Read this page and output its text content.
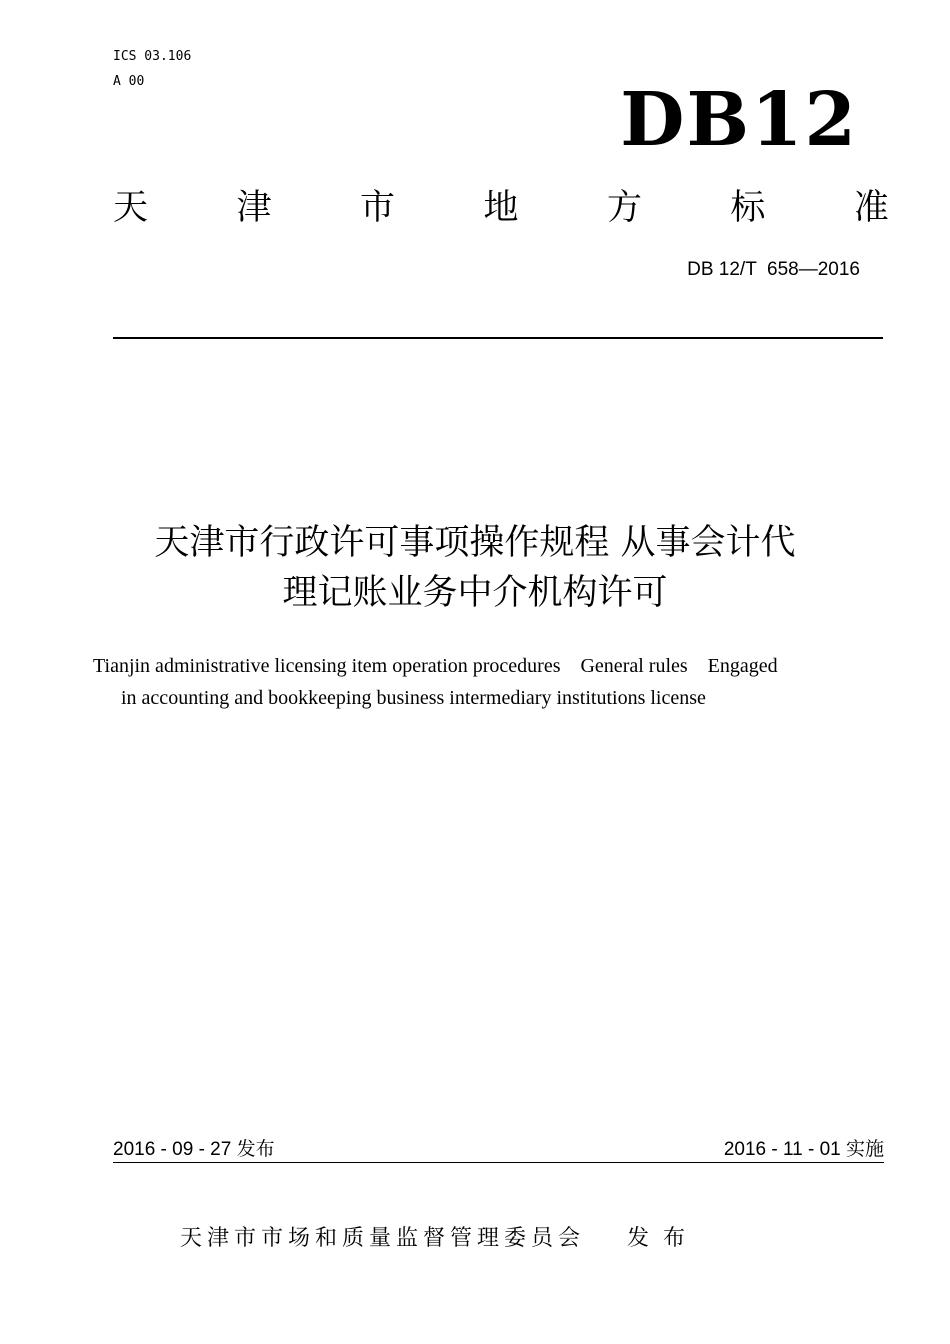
ICS 03.106
A 00	DB12
天	津	市	地	方	标	准
DB 12/T  658—2016
天津市行政许可事项操作规程 从事会计代
理记账业务中介机构许可
Tianjin administrative licensing item operation procedures    General rules    Engaged
in accounting and bookkeeping business intermediary institutions license
2016 - 09 - 27 发布	2016 - 11 - 01 实施
天津市市场和质量监督管理委员会 发布
